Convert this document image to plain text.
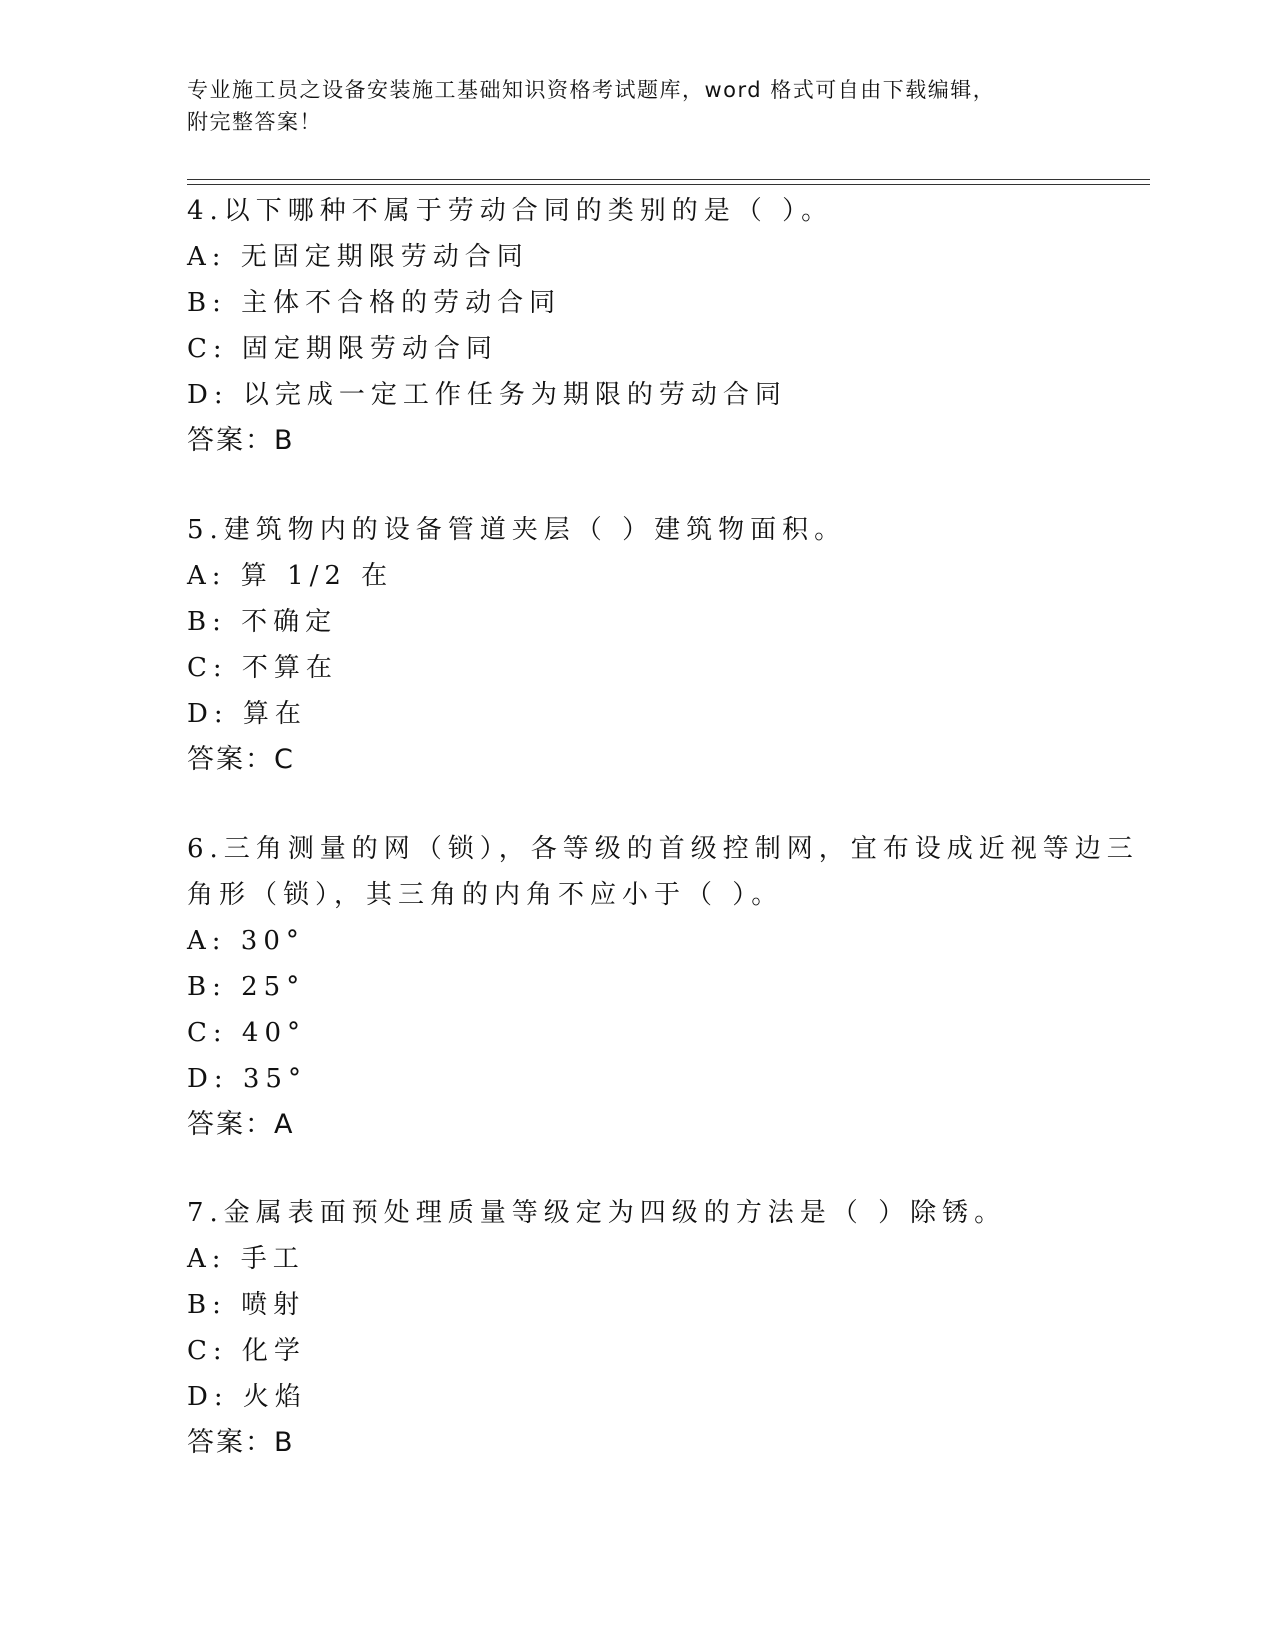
专业施工员之设备安装施工基础知识资格考试题库，word 格式可自由下载编辑，
附完整答案！
4.以下哪种不属于劳动合同的类别的是（ ）。
A: 无固定期限劳动合同
B: 主体不合格的劳动合同
C: 固定期限劳动合同
D: 以完成一定工作任务为期限的劳动合同
答案：B
5.建筑物内的设备管道夹层（ ）建筑物面积。
A: 算 1/2 在
B: 不确定
C: 不算在
D: 算在
答案：C
6.三角测量的网（锁），各等级的首级控制网，宜布设成近视等边三
角形（锁），其三角的内角不应小于（ ）。
A: 30°
B: 25°
C: 40°
D: 35°
答案：A
7.金属表面预处理质量等级定为四级的方法是（ ）除锈。
A: 手工
B: 喷射
C: 化学
D: 火焰
答案：B
